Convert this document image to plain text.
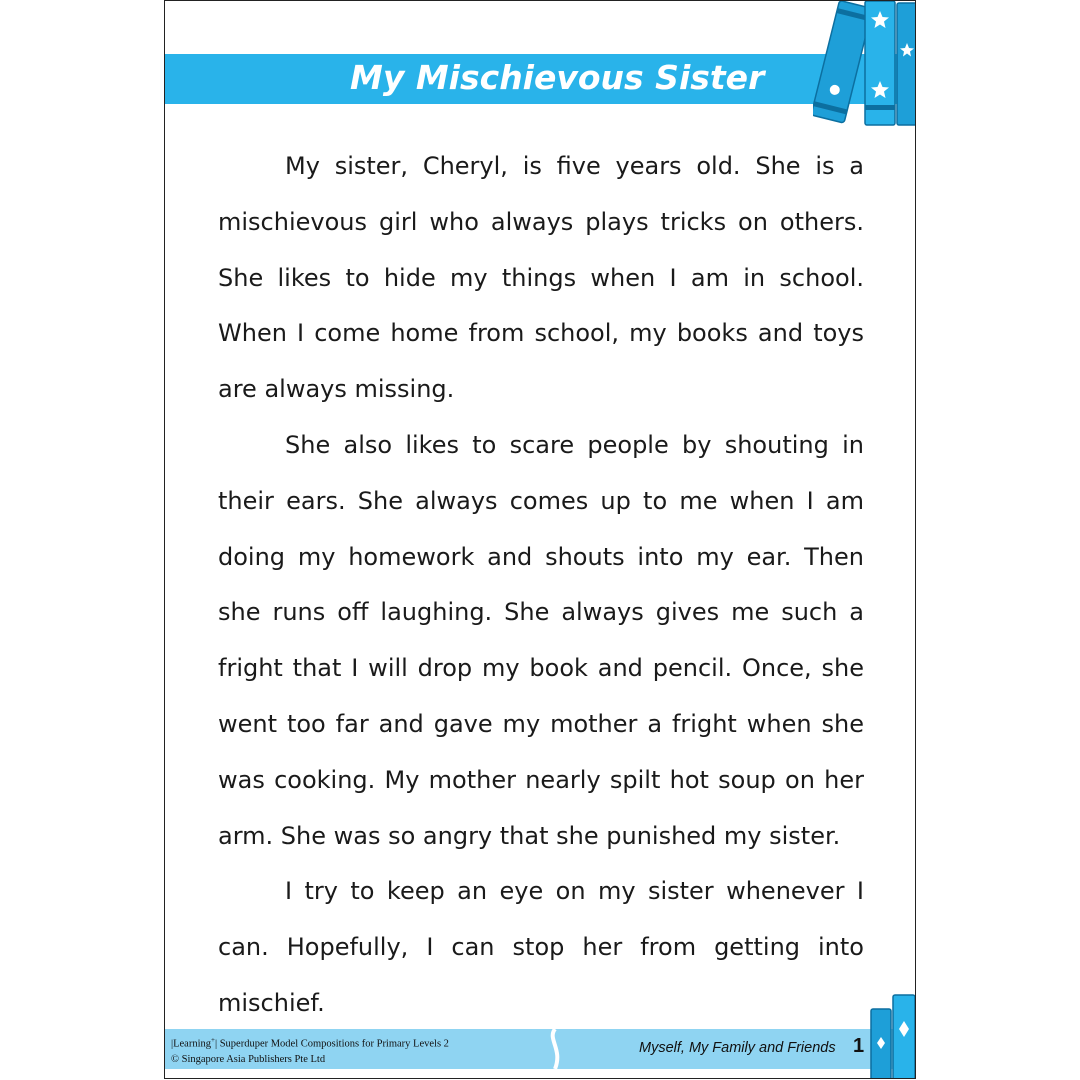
My Mischievous Sister

My sister, Cheryl, is five years old. She is a mischievous girl who always plays tricks on others. She likes to hide my things when I am in school. When I come home from school, my books and toys are always missing.

She also likes to scare people by shouting in their ears. She always comes up to me when I am doing my homework and shouts into my ear. Then she runs off laughing. She always gives me such a fright that I will drop my book and pencil. Once, she went too far and gave my mother a fright when she was cooking. My mother nearly spilt hot soup on her arm. She was so angry that she punished my sister.

I try to keep an eye on my sister whenever I can. Hopefully, I can stop her from getting into mischief.

|Learning+| Superduper Model Compositions for Primary Levels 2
© Singapore Asia Publishers Pte Ltd
Myself, My Family and Friends 1
